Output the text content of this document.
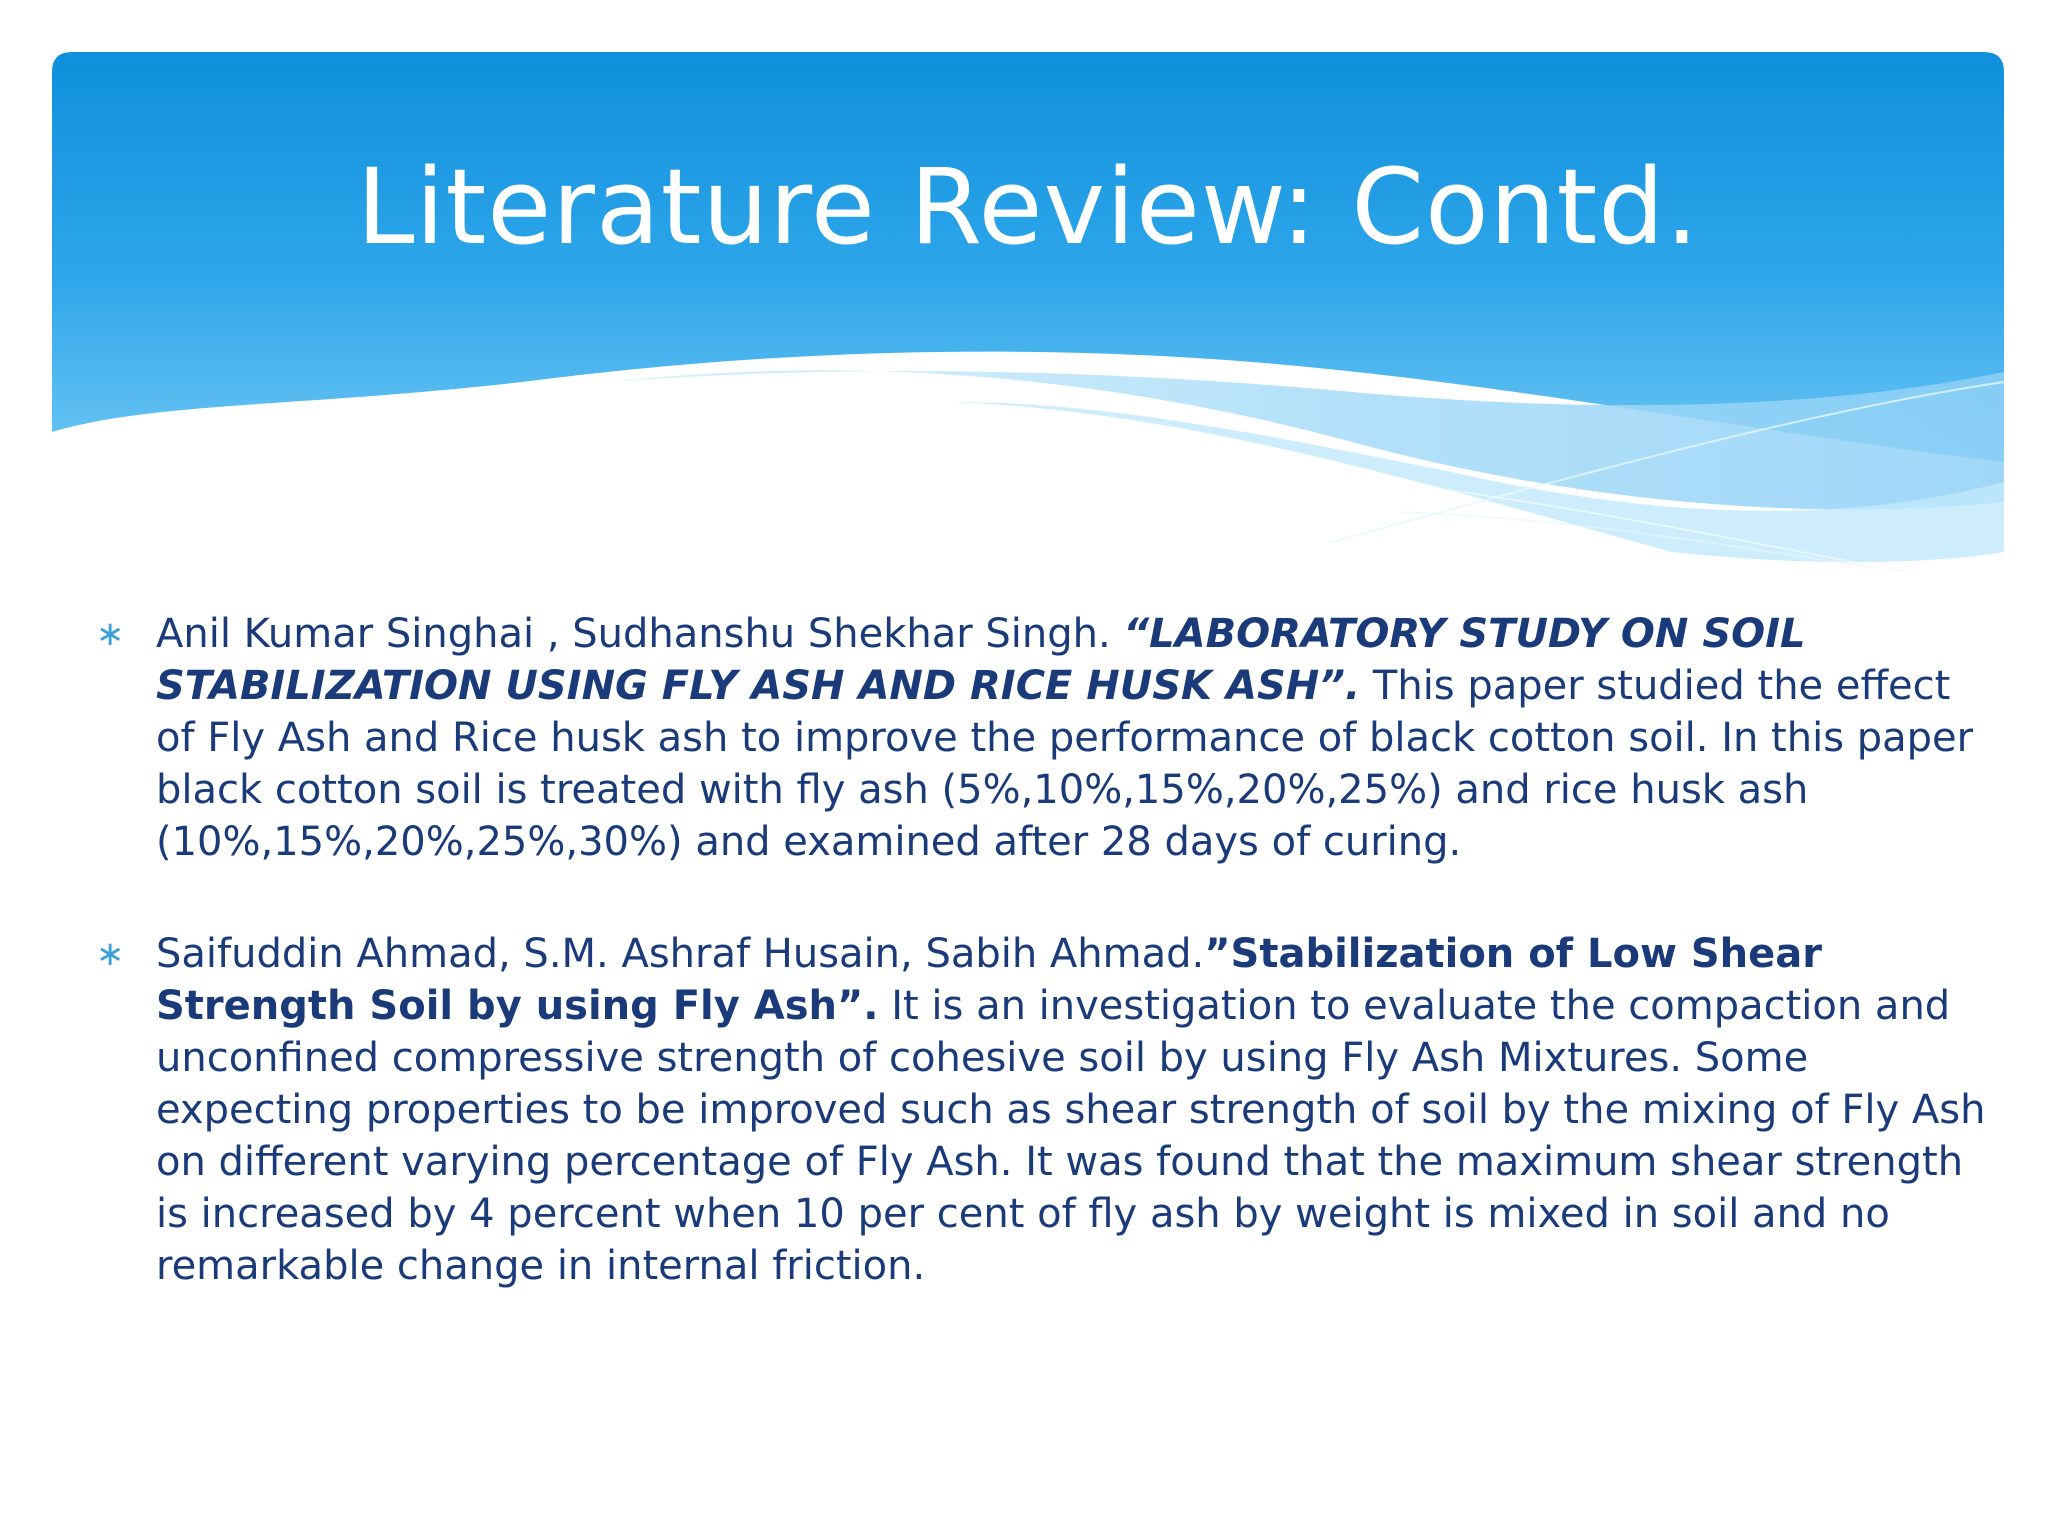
Literature Review: Contd.
∗ Anil Kumar Singhai , Sudhanshu Shekhar Singh. “LABORATORY STUDY ON SOIL STABILIZATION USING FLY ASH AND RICE HUSK ASH”. This paper studied the effect of Fly Ash and Rice husk ash to improve the performance of black cotton soil. In this paper black cotton soil is treated with fly ash (5%,10%,15%,20%,25%) and rice husk ash (10%,15%,20%,25%,30%) and examined after 28 days of curing.
∗ Saifuddin Ahmad, S.M. Ashraf Husain, Sabih Ahmad.”Stabilization of Low Shear Strength Soil by using Fly Ash”. It is an investigation to evaluate the compaction and unconfined compressive strength of cohesive soil by using Fly Ash Mixtures. Some expecting properties to be improved such as shear strength of soil by the mixing of Fly Ash on different varying percentage of Fly Ash. It was found that the maximum shear strength is increased by 4 percent when 10 per cent of fly ash by weight is mixed in soil and no remarkable change in internal friction.
